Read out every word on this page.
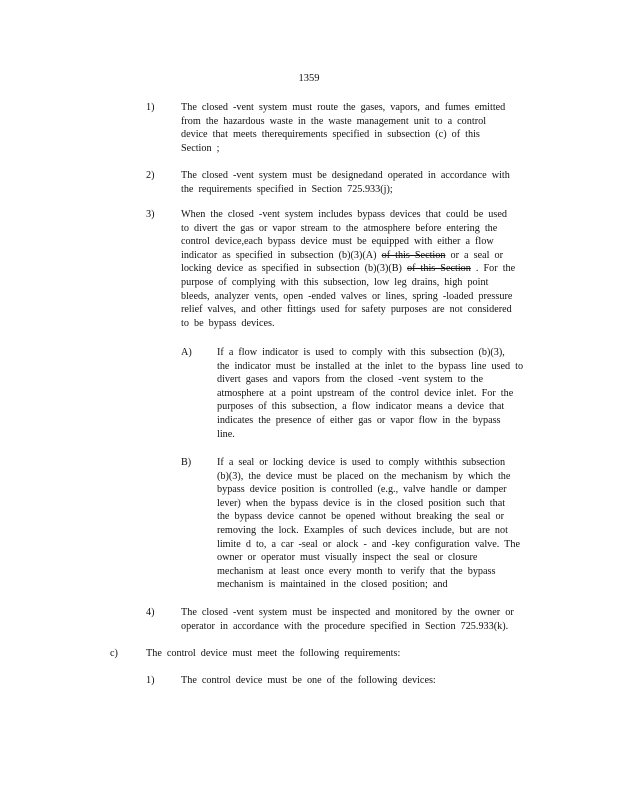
1359
1)	The closed -vent system must route the gases, vapors, and fumes emitted
from the hazardous waste in the waste management unit to a control
device that meets therequirements specified in subsection (c) of this
Section ;
2)	The closed -vent system must be designedand operated in accordance with
the requirements specified in Section 725.933(j);
3)	When the closed -vent system includes bypass devices that could be used
to divert the gas or vapor stream to the atmosphere before entering the
control device,each bypass device must be equipped with either a flow
indicator as specified in subsection (b)(3)(A) of this Section or a seal or
locking device as specified in subsection (b)(3)(B) of this Section . For the
purpose of complying with this subsection, low leg drains, high point
bleeds, analyzer vents, open -ended valves or lines, spring -loaded pressure
relief valves, and other fittings used for safety purposes are not considered
to be bypass devices.
A) If a flow indicator is used to comply with this subsection (b)(3),
the indicator must be installed at the inlet to the bypass line used to
divert gases and vapors from the closed -vent system to the
atmosphere at a point upstream of the control device inlet. For the
purposes of this subsection, a flow indicator means a device that
indicates the presence of either gas or vapor flow in the bypass
line.
B)	If a seal or locking device is used to comply withthis subsection
(b)(3), the device must be placed on the mechanism by which the
bypass device position is controlled (e.g., valve handle or damper
lever) when the bypass device is in the closed position such that
the bypass device cannot be opened without breaking the seal or
removing the lock. Examples of such devices include, but are not
limite d to, a car -seal or alock - and -key configuration valve. The
owner or operator must visually inspect the seal or closure
mechanism at least once every month to verify that the bypass
mechanism is maintained in the closed position; and
4)	The closed -vent system must be inspected and monitored by the owner or
operator in accordance with the procedure specified in Section 725.933(k).
c)	The control device must meet the following requirements:
1)	The control device must be one of the following devices:
